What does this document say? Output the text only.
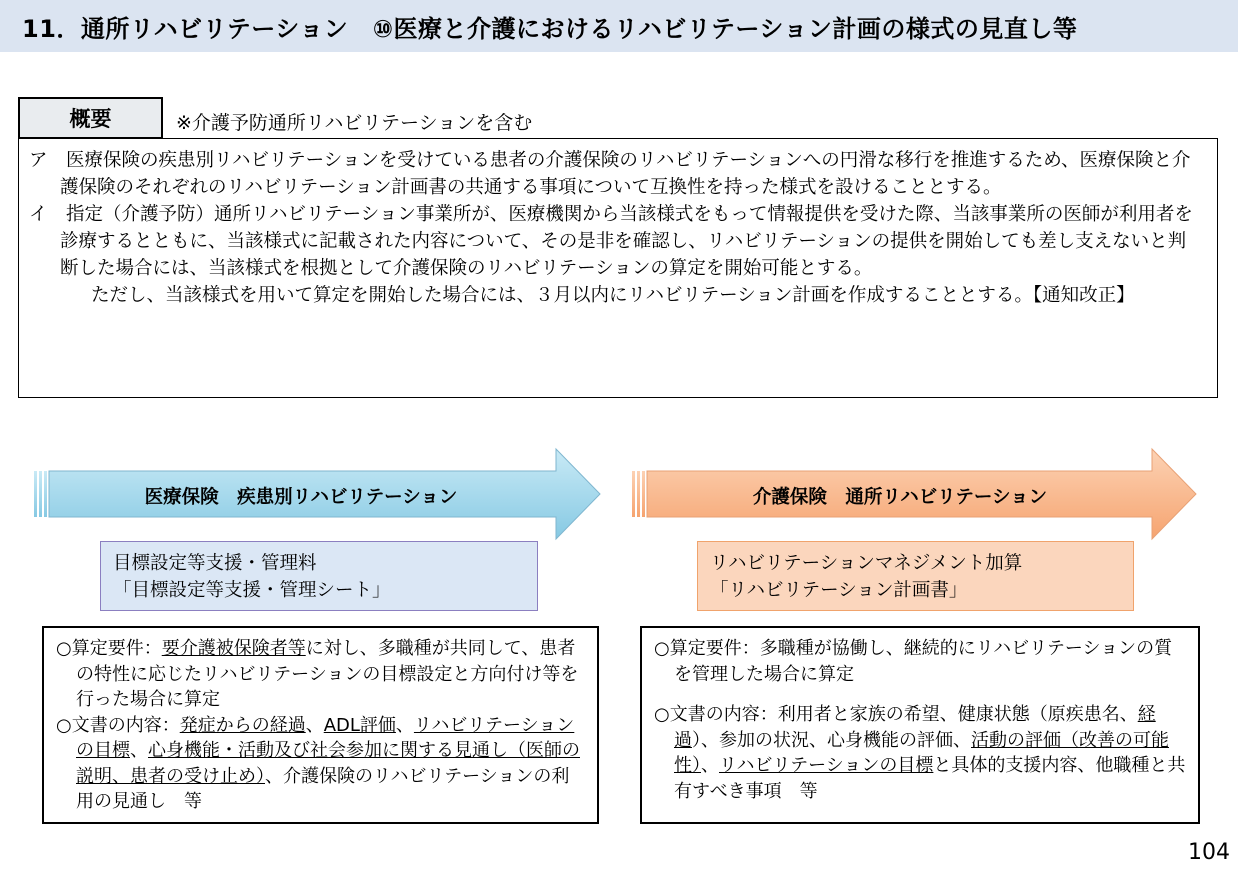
11．通所リハビリテーション　⑩医療と介護におけるリハビリテーション計画の様式の見直し等
概要	※介護予防通所リハビリテーションを含む
ア　 医療保険の疾患別リハビリテーションを受けている患者の介護保険のリハビリテーションへの円滑な移行を推進するため、医療保険と介護保険のそれぞれのリハビリテーション計画書の共通する事項について互換性を持った様式を設けることとする。
イ　 指定（介護予防）通所リハビリテーション事業所が、医療機関から当該様式をもって情報提供を受けた際、当該事業所の医師が利用者を診療するとともに、当該様式に記載された内容について、その是非を確認し、リハビリテーションの提供を開始しても差し支えないと判断した場合には、当該様式を根拠として介護保険のリハビリテーションの算定を開始可能とする。
ただし、当該様式を用いて算定を開始した場合には、３月以内にリハビリテーション計画を作成することとする。【通知改正】
医療保険　疾患別リハビリテーション	介護保険　通所リハビリテーション
目標設定等支援・管理料
「目標設定等支援・管理シート」
リハビリテーションマネジメント加算
「リハビリテーション計画書」
○算定要件：要介護被保険者等に対し、多職種が共同して、患者の特性に応じたリハビリテーションの目標設定と方向付け等を行った場合に算定
○文書の内容：発症からの経過、ADL評価、リハビリテーションの目標、心身機能・活動及び社会参加に関する見通し（医師の説明、患者の受け止め）、介護保険のリハビリテーションの利用の見通し　等
○算定要件：多職種が協働し、継続的にリハビリテーションの質を管理した場合に算定
○文書の内容：利用者と家族の希望、健康状態（原疾患名、経過）、参加の状況、心身機能の評価、活動の評価（改善の可能性）、リハビリテーションの目標と具体的支援内容、他職種と共有すべき事項　等
104
